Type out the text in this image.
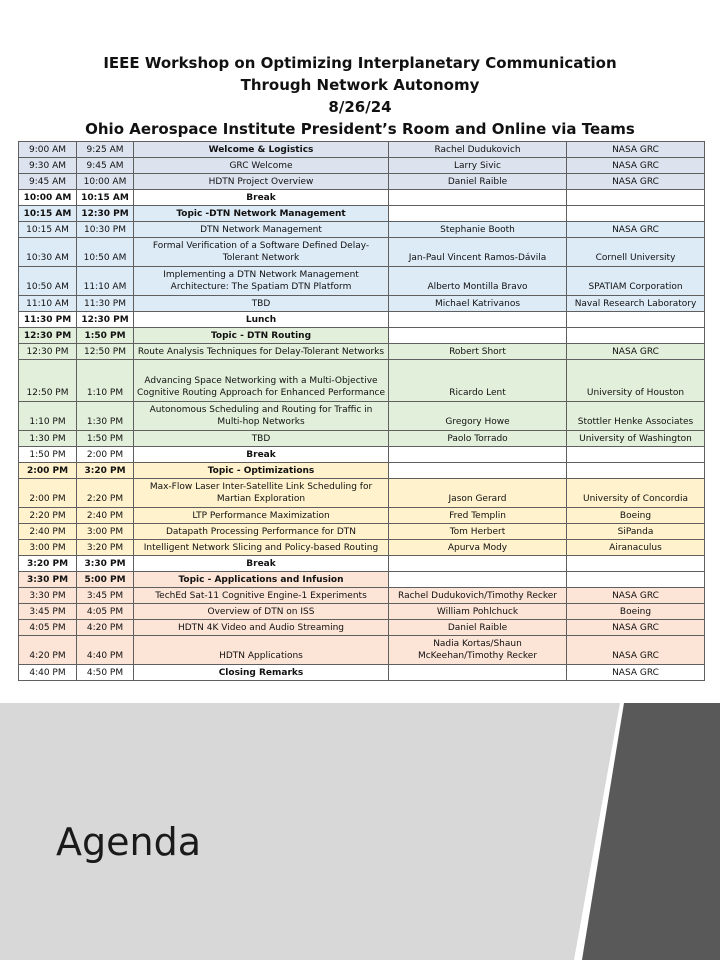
IEEE Workshop on Optimizing Interplanetary Communication
Through Network Autonomy
8/26/24
Ohio Aerospace Institute President’s Room and Online via Teams
9:00 AM	9:25 AM	Welcome & Logistics	Rachel Dudukovich	NASA GRC
9:30 AM	9:45 AM	GRC Welcome	Larry Sivic	NASA GRC
9:45 AM	10:00 AM	HDTN Project Overview	Daniel Raible	NASA GRC
10:00 AM	10:15 AM	Break		
10:15 AM	12:30 PM	Topic -DTN Network Management		
10:15 AM	10:30 PM	DTN Network Management	Stephanie Booth	NASA GRC
10:30 AM	10:50 AM	Formal Verification of a Software Defined Delay-Tolerant Network	Jan-Paul Vincent Ramos-Dávila	Cornell University
10:50 AM	11:10 AM	Implementing a DTN Network Management Architecture: The Spatiam DTN Platform	Alberto Montilla Bravo	SPATIAM Corporation
11:10 AM	11:30 PM	TBD	Michael Katrivanos	Naval Research Laboratory
11:30 PM	12:30 PM	Lunch		
12:30 PM	1:50 PM	Topic - DTN Routing		
12:30 PM	12:50 PM	Route Analysis Techniques for Delay-Tolerant Networks	Robert Short	NASA GRC
12:50 PM	1:10 PM	Advancing Space Networking with a Multi-Objective Cognitive Routing Approach for Enhanced Performance	Ricardo Lent	University of Houston
1:10 PM	1:30 PM	Autonomous Scheduling and Routing for Traffic in Multi-hop Networks	Gregory Howe	Stottler Henke Associates
1:30 PM	1:50 PM	TBD	Paolo Torrado	University of Washington
1:50 PM	2:00 PM	Break		
2:00 PM	3:20 PM	Topic - Optimizations		
2:00 PM	2:20 PM	Max-Flow Laser Inter-Satellite Link Scheduling for Martian Exploration	Jason Gerard	University of Concordia
2:20 PM	2:40 PM	LTP Performance Maximization	Fred Templin	Boeing
2:40 PM	3:00 PM	Datapath Processing Performance for DTN	Tom Herbert	SiPanda
3:00 PM	3:20 PM	Intelligent Network Slicing and Policy-based Routing	Apurva Mody	Airanaculus
3:20 PM	3:30 PM	Break		
3:30 PM	5:00 PM	Topic - Applications and Infusion		
3:30 PM	3:45 PM	TechEd Sat-11 Cognitive Engine-1 Experiments	Rachel Dudukovich/Timothy Recker	NASA GRC
3:45 PM	4:05 PM	Overview of DTN on ISS	William Pohlchuck	Boeing
4:05 PM	4:20 PM	HDTN 4K Video and Audio Streaming	Daniel Raible	NASA GRC
4:20 PM	4:40 PM	HDTN Applications	Nadia Kortas/Shaun McKeehan/Timothy Recker	NASA GRC
4:40 PM	4:50 PM	Closing Remarks		NASA GRC
Agenda
